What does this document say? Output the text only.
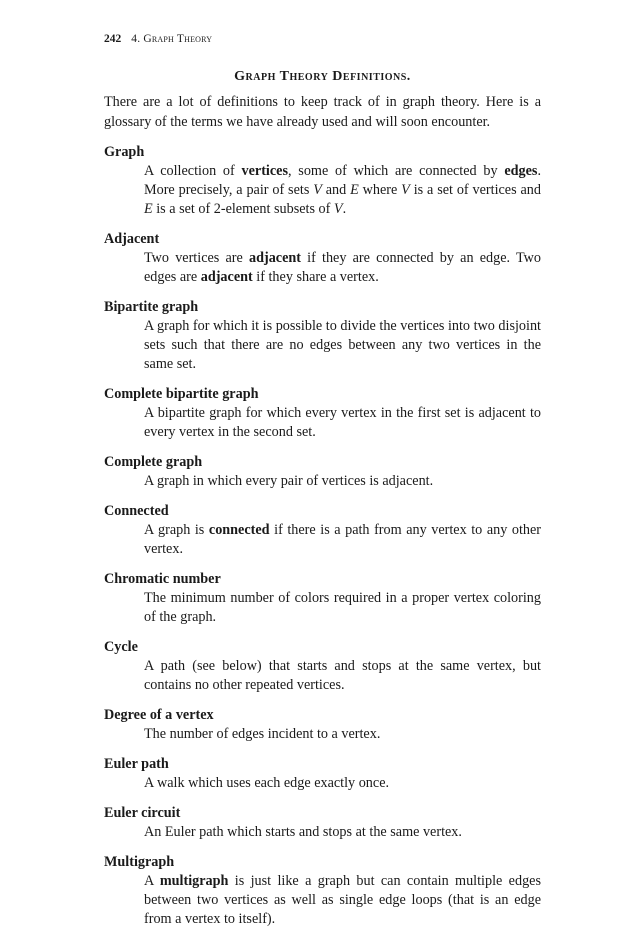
242 4. Graph Theory
Graph Theory Definitions.

There are a lot of definitions to keep track of in graph theory. Here is a glossary of the terms we have already used and will soon encounter.

Graph
A collection of vertices, some of which are connected by edges. More precisely, a pair of sets V and E where V is a set of vertices and E is a set of 2-element subsets of V.
Adjacent
Two vertices are adjacent if they are connected by an edge. Two edges are adjacent if they share a vertex.
Bipartite graph
A graph for which it is possible to divide the vertices into two disjoint sets such that there are no edges between any two vertices in the same set.
Complete bipartite graph
A bipartite graph for which every vertex in the first set is adjacent to every vertex in the second set.
Complete graph
A graph in which every pair of vertices is adjacent.
Connected
A graph is connected if there is a path from any vertex to any other vertex.
Chromatic number
The minimum number of colors required in a proper vertex coloring of the graph.
Cycle
A path (see below) that starts and stops at the same vertex, but contains no other repeated vertices.
Degree of a vertex
The number of edges incident to a vertex.
Euler path
A walk which uses each edge exactly once.
Euler circuit
An Euler path which starts and stops at the same vertex.
Multigraph
A multigraph is just like a graph but can contain multiple edges between two vertices as well as single edge loops (that is an edge from a vertex to itself).
